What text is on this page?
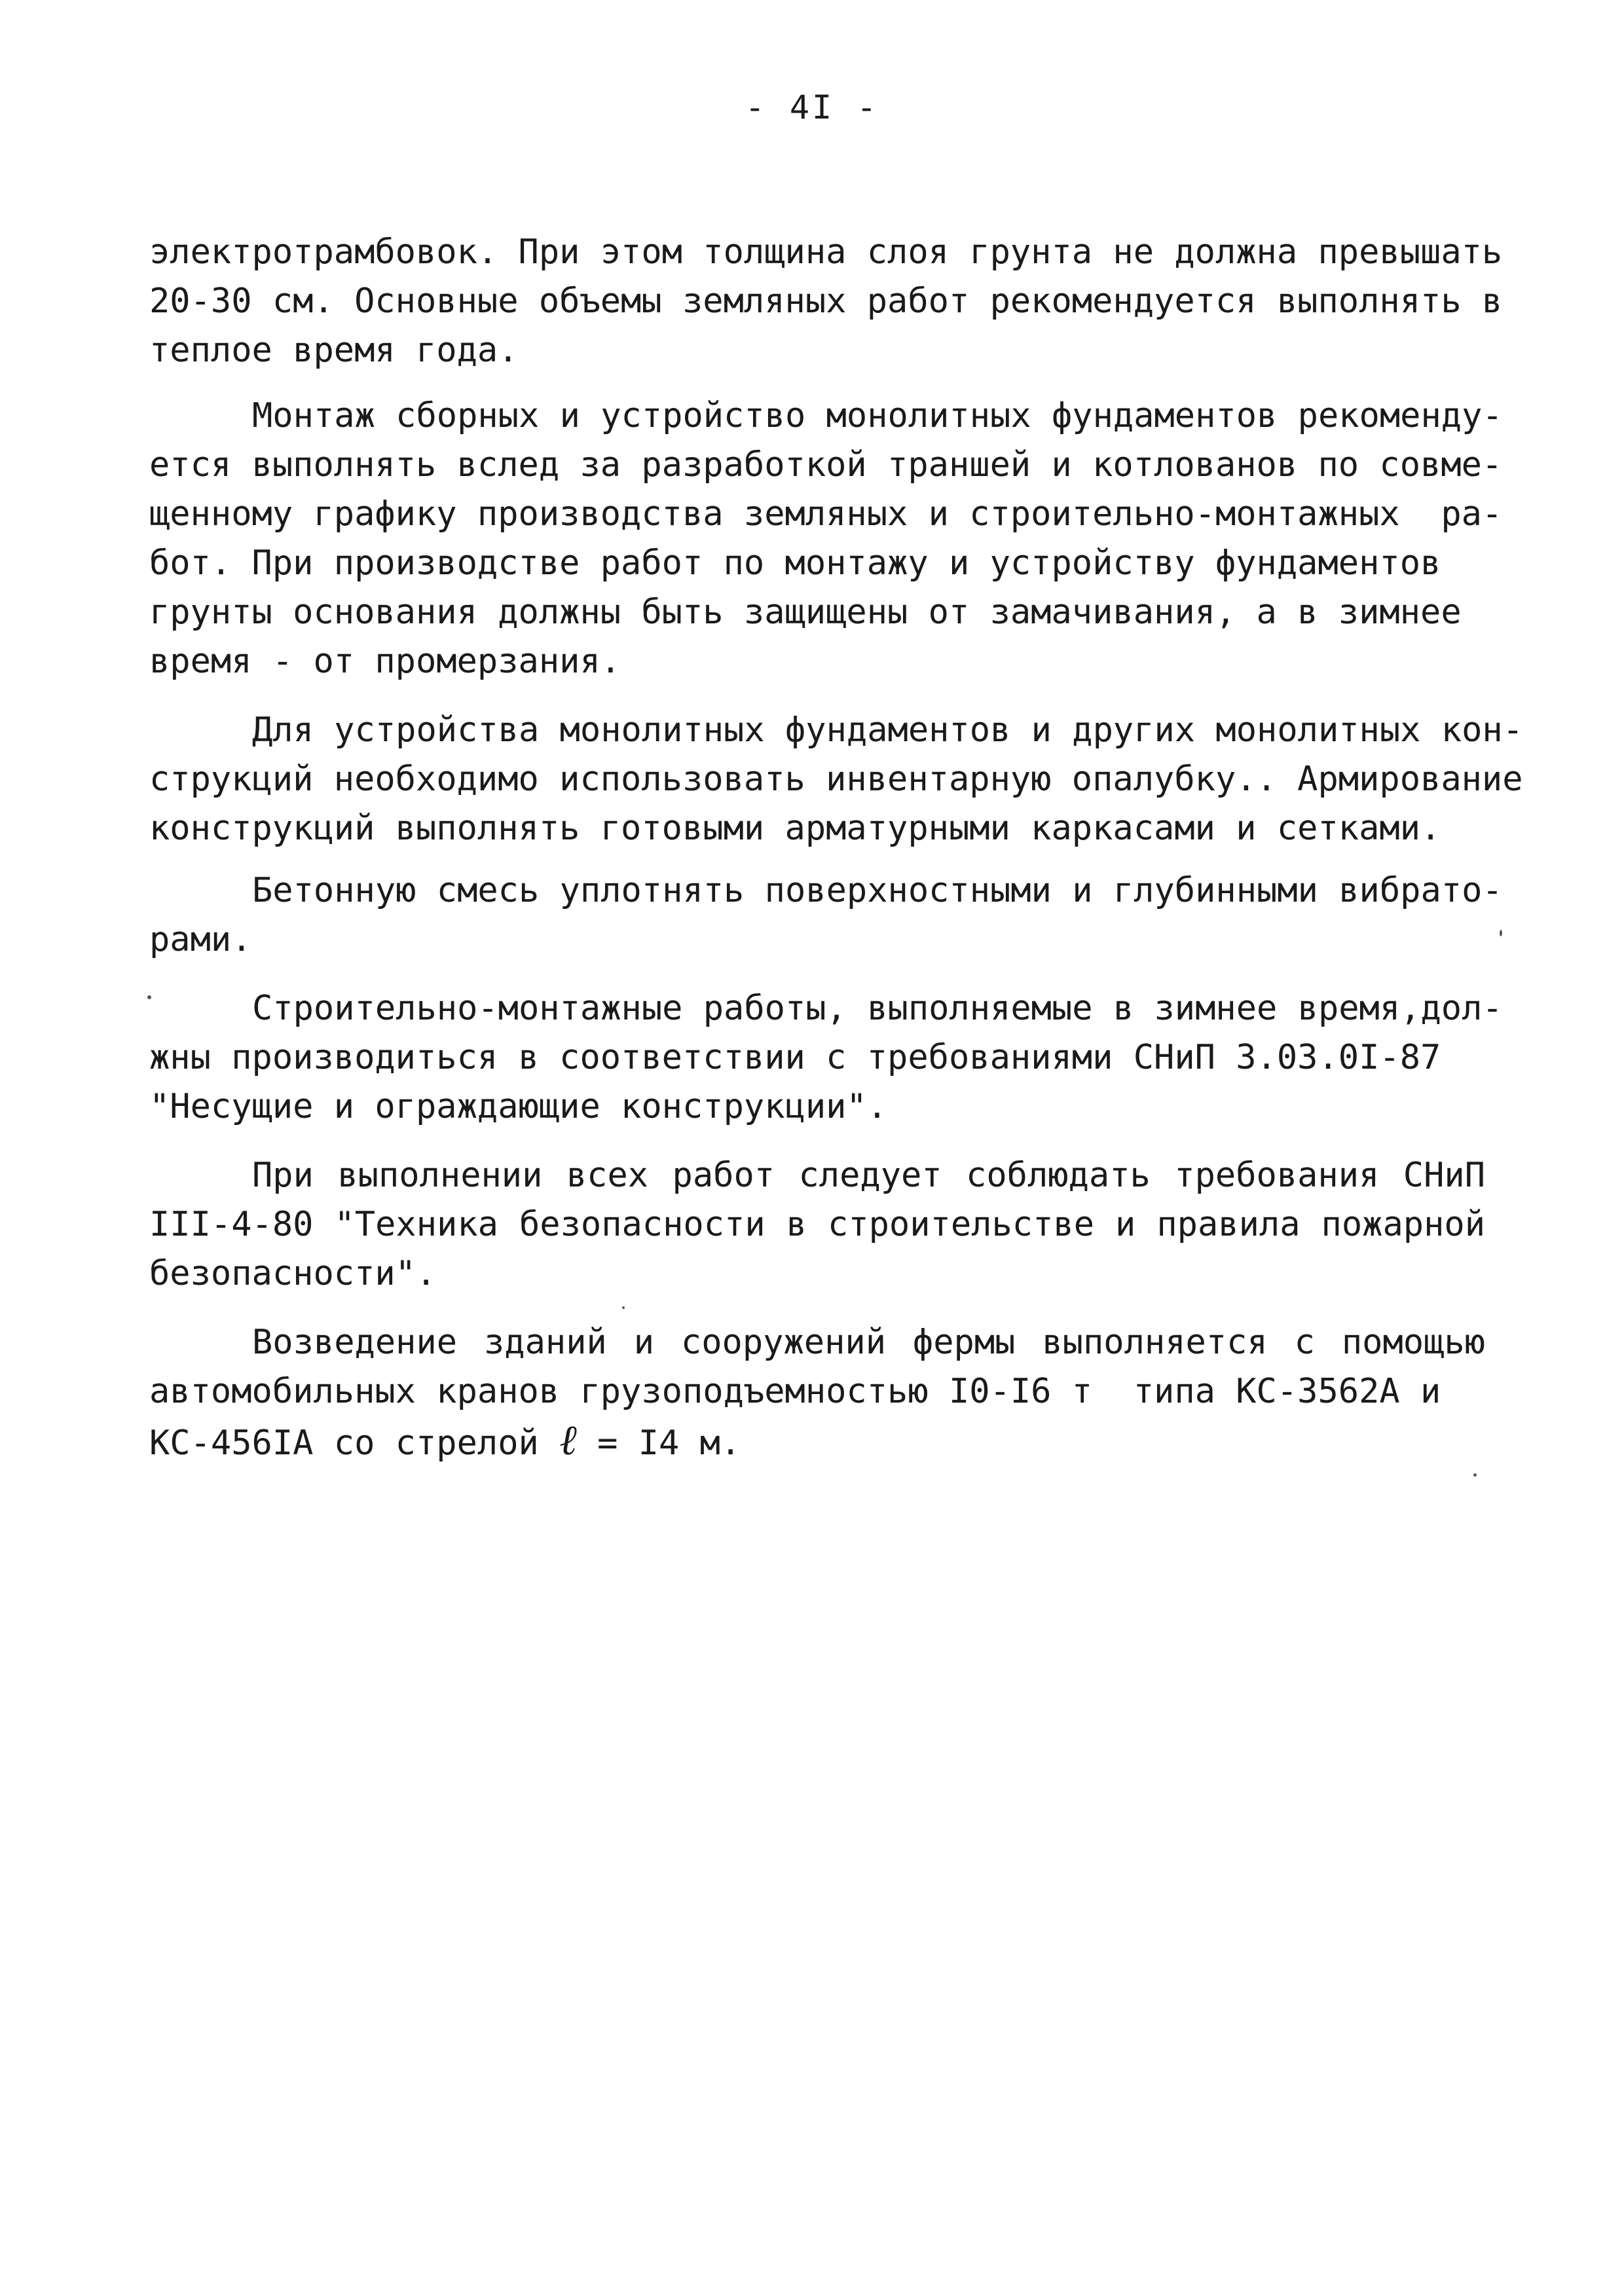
- 4I -
электротрамбовок. При этом толщина слоя грунта не должна превышать
20-30 см. Основные объемы земляных работ рекомендуется выполнять в
теплое время года.
Монтаж сборных и устройство монолитных фундаментов рекоменду-
ется выполнять вслед за разработкой траншей и котлованов по совме-
щенному графику производства земляных и строительно-монтажных  ра-
бот. При производстве работ по монтажу и устройству фундаментов
грунты основания должны быть защищены от замачивания, а в зимнее
время - от промерзания.
Для устройства монолитных фундаментов и других монолитных кон-
струкций необходимо использовать инвентарную опалубку.. Армирование
конструкций выполнять готовыми арматурными каркасами и сетками.
Бетонную смесь уплотнять поверхностными и глубинными вибрато-
рами.
Строительно-монтажные работы, выполняемые в зимнее время,дол-
жны производиться в соответствии с требованиями СНиП 3.03.0I-87
"Несущие и ограждающие конструкции".
При выполнении всех работ следует соблюдать требования СНиП
III-4-80 "Техника безопасности в строительстве и правила пожарной
безопасности".
Возведение зданий и сооружений фермы выполняется с помощью
автомобильных кранов грузоподъемностью I0-I6 т  типа КС-3562А и
КС-456IА со стрелой ℓ = I4 м.
